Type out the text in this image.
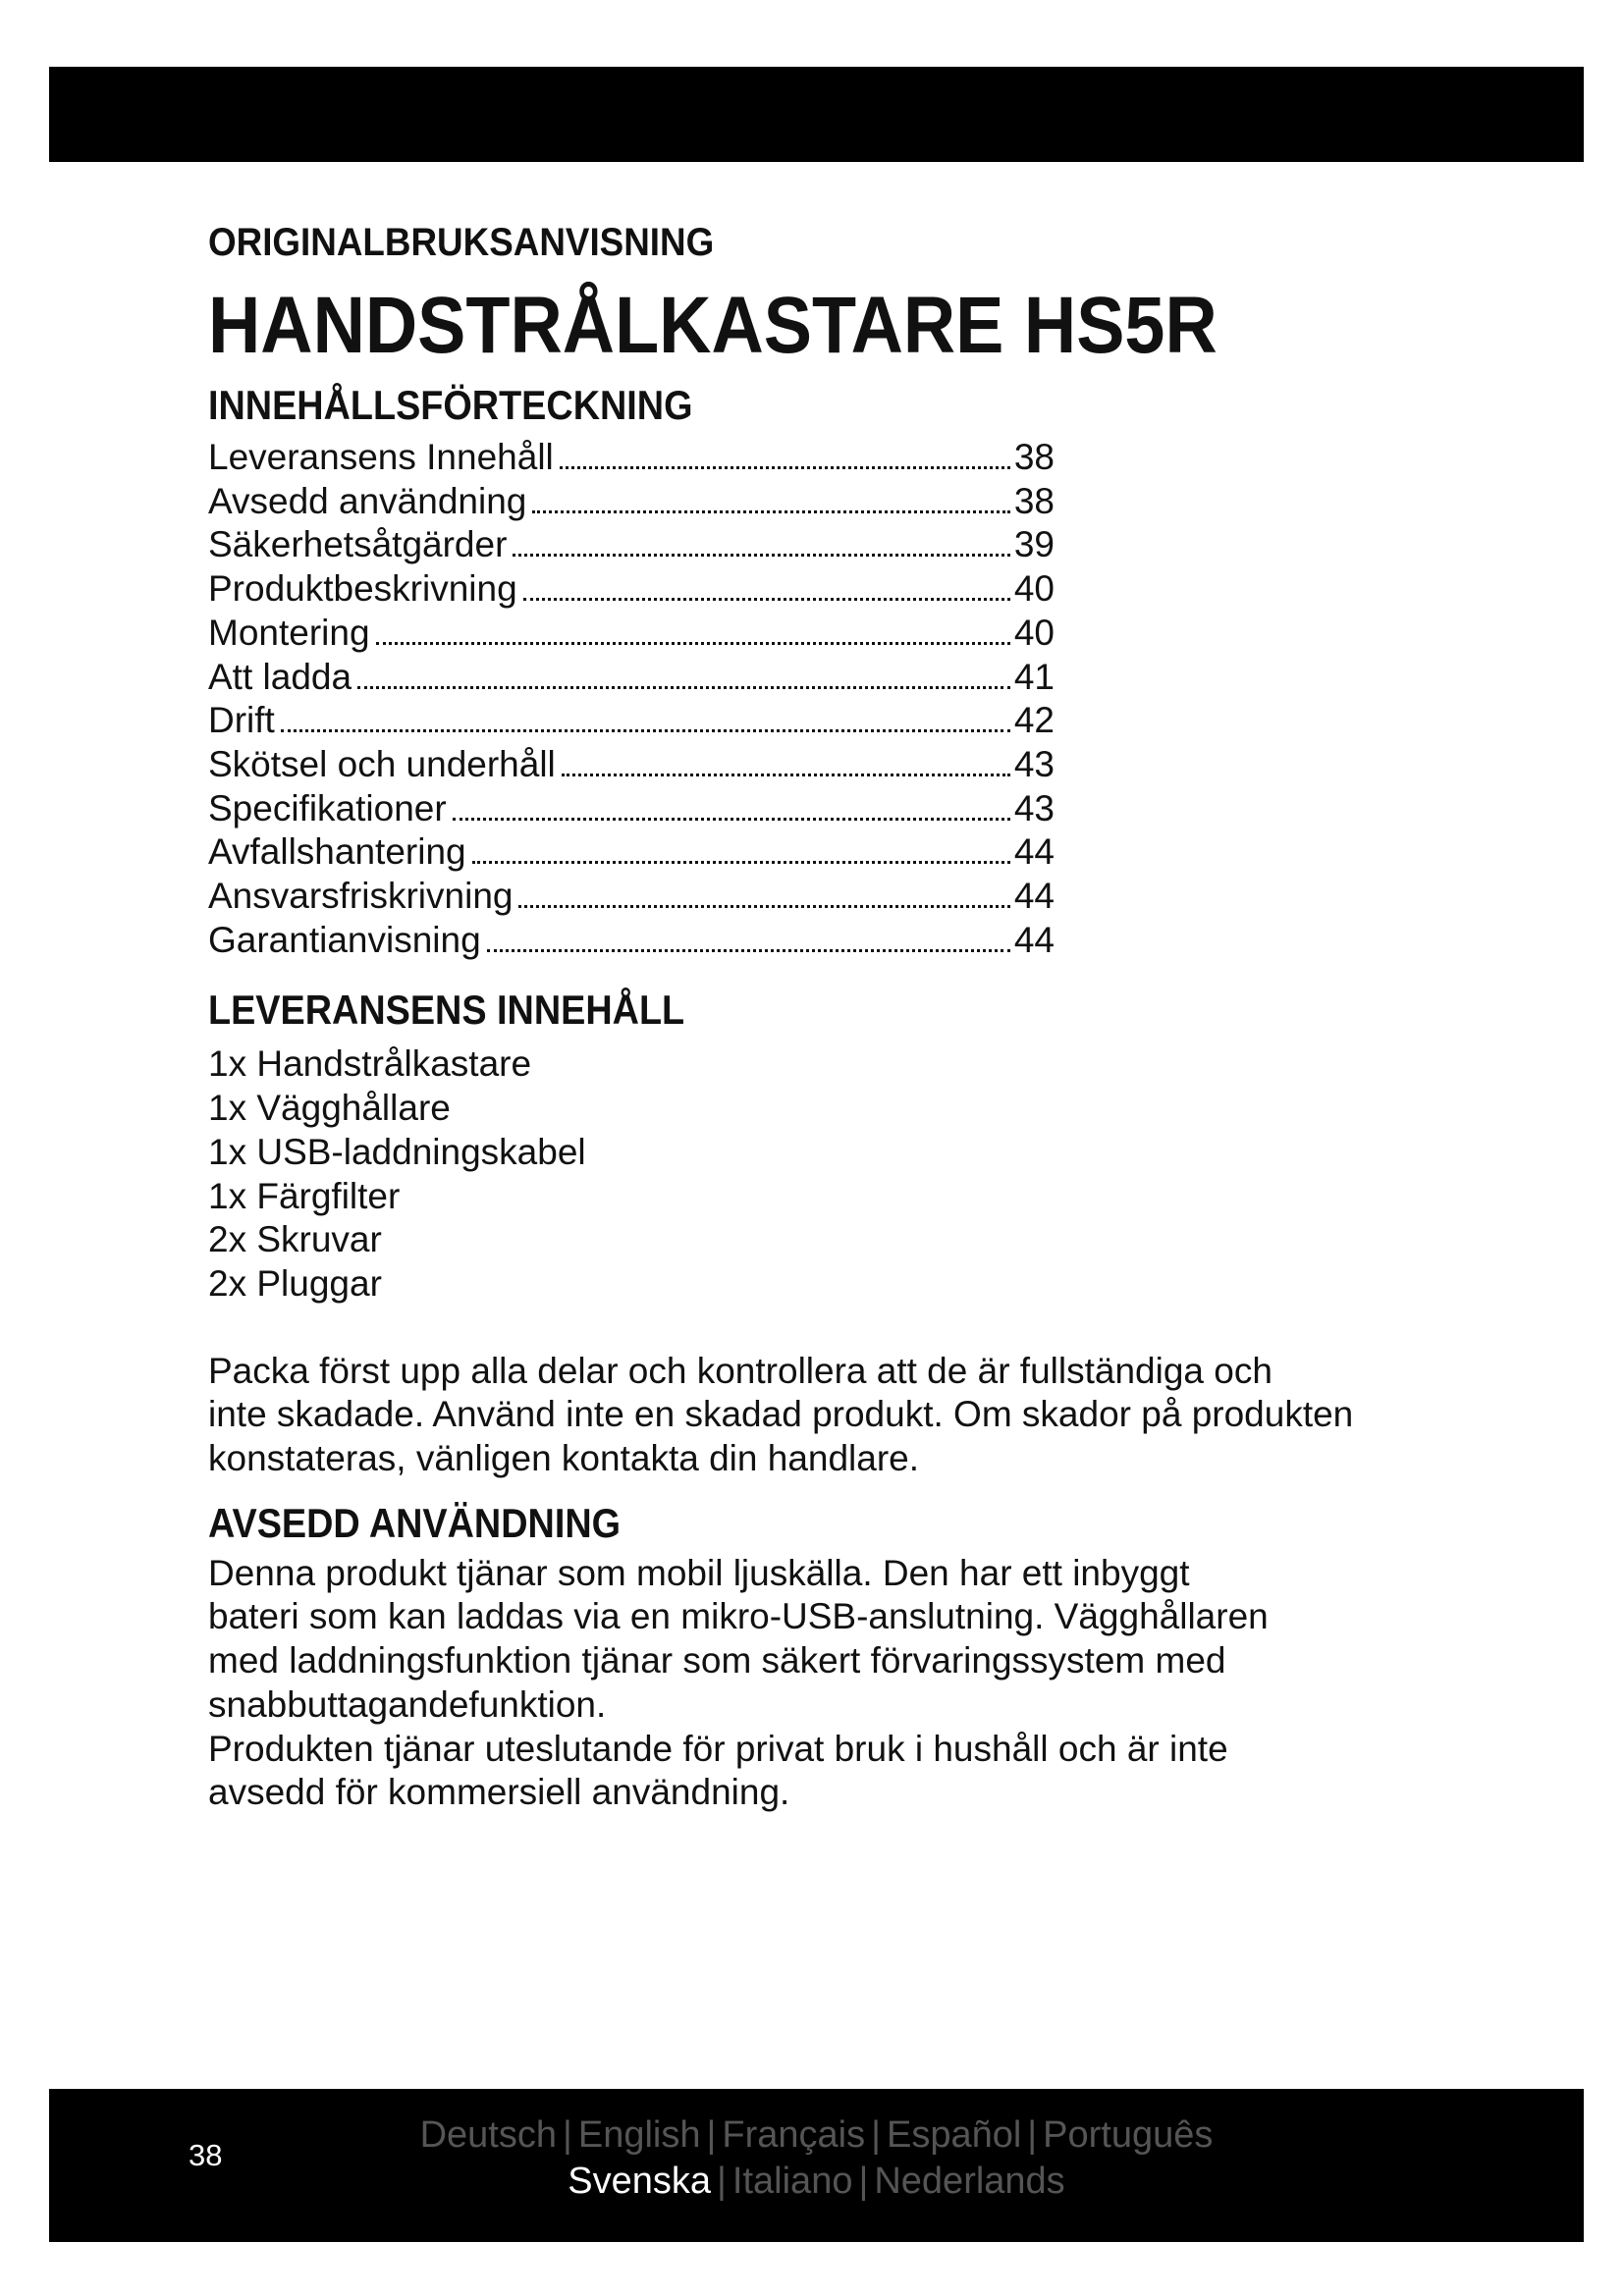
ORIGINALBRUKSANVISNING
HANDSTRÅLKASTARE HS5R
INNEHÅLLSFÖRTECKNING
Leveransens Innehåll	38
Avsedd användning	38
Säkerhetsåtgärder	39
Produktbeskrivning	40
Montering	40
Att ladda	41
Drift	42
Skötsel och underhåll	43
Specifikationer	43
Avfallshantering	44
Ansvarsfriskrivning	44
Garantianvisning	44
LEVERANSENS INNEHÅLL
1x Handstrålkastare
1x Vägghållare
1x USB-laddningskabel
1x Färgfilter
2x Skruvar
2x Pluggar

Packa först upp alla delar och kontrollera att de är fullständiga och

inte skadade. Använd inte en skadad produkt. Om skador på produkten

konstateras, vänligen kontakta din handlare.

AVSEDD ANVÄNDNING

Denna produkt tjänar som mobil ljuskälla. Den har ett inbyggt

bateri som kan laddas via en mikro-USB-anslutning. Vägghållaren

med laddningsfunktion tjänar som säkert förvaringssystem med

snabbuttagandefunktion.

Produkten tjänar uteslutande för privat bruk i hushåll och är inte

avsedd för kommersiell användning.

38	Deutsch | English | Français | Español | Português
Svenska | Italiano | Nederlands
